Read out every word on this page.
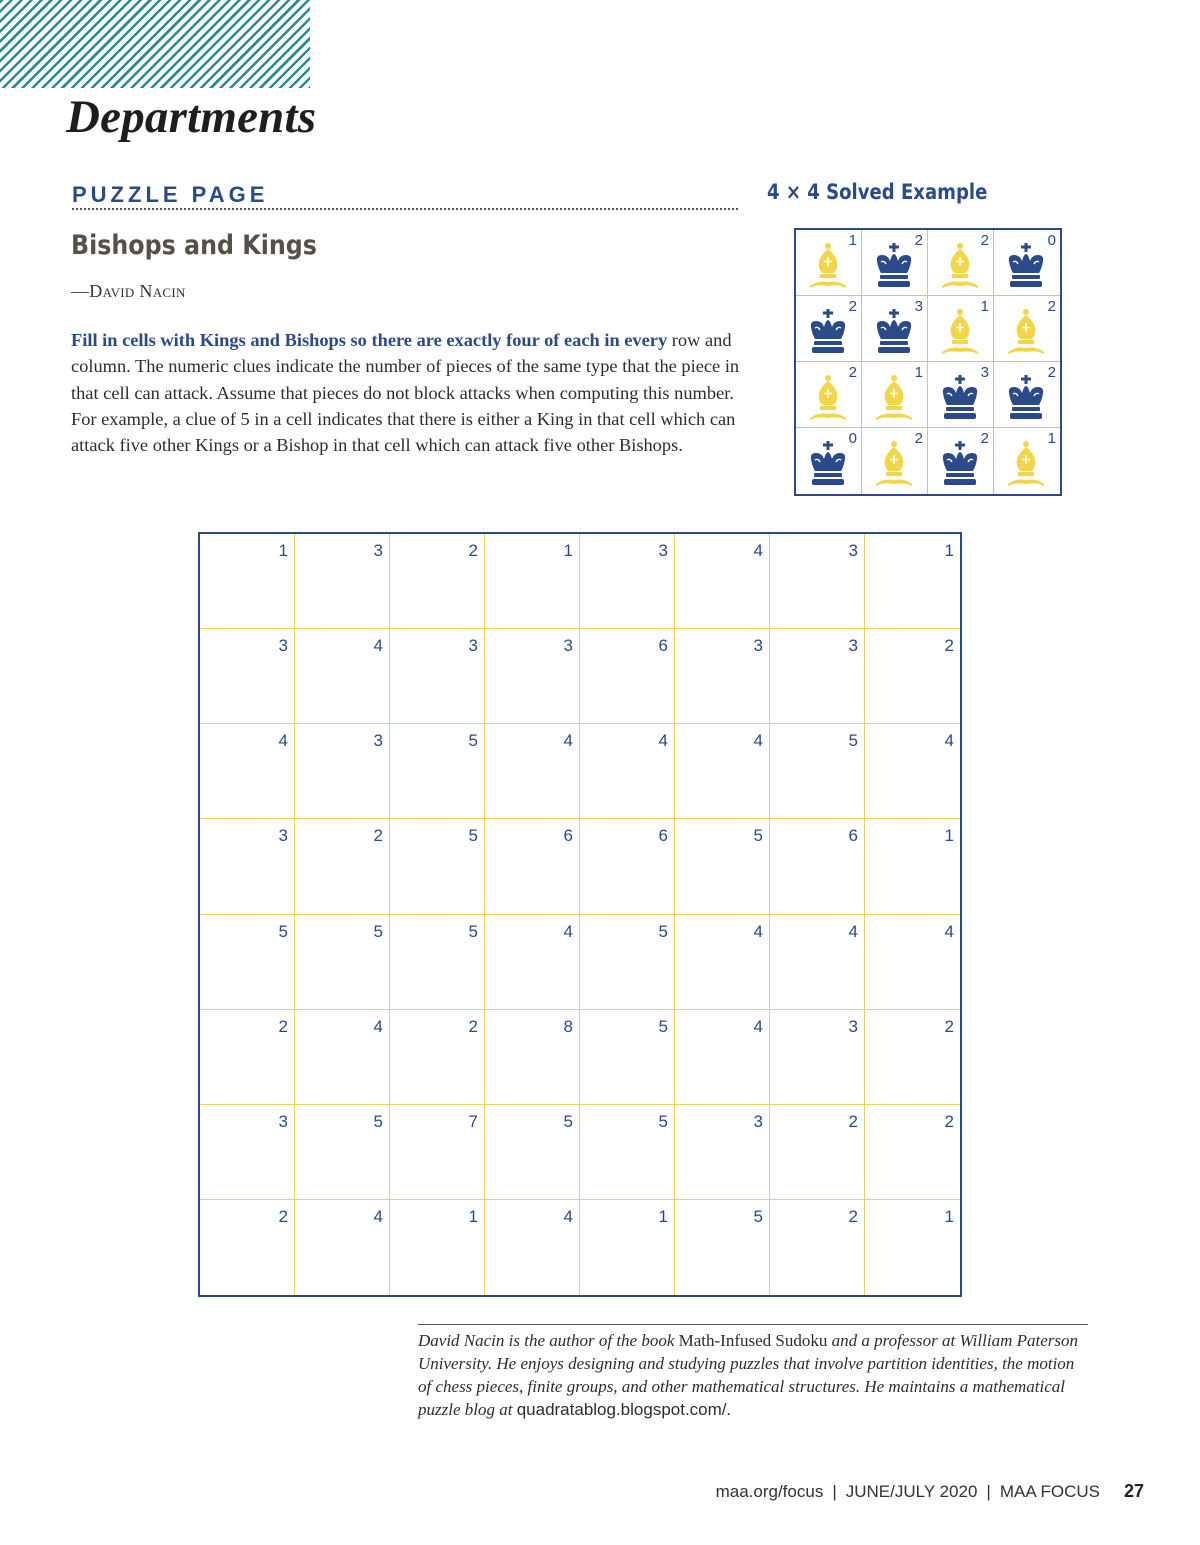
Departments
PUZZLE PAGE
Bishops and Kings
—David Nacin

Fill in cells with Kings and Bishops so there are exactly four of each in every row and column. The numeric clues indicate the number of pieces of the same type that the piece in that cell can attack. Assume that pieces do not block attacks when computing this number. For example, a clue of 5 in a cell indicates that there is either a King in that cell which can attack five other Kings or a Bishop in that cell which can attack five other Bishops.

4 × 4 Solved Example
1	2	2	0
2	3	1	2
2	1	3	2
0	2	2	1
1	3	2	1	3	4	3	1
3	4	3	3	6	3	3	2
4	3	5	4	4	4	5	4
3	2	5	6	6	5	6	1
5	5	5	4	5	4	4	4
2	4	2	8	5	4	3	2
3	5	7	5	5	3	2	2
2	4	1	4	1	5	2	1
David Nacin is the author of the book Math-Infused Sudoku and a professor at William Paterson University. He enjoys designing and studying puzzles that involve partition identities, the motion of chess pieces, finite groups, and other mathematical structures. He maintains a mathematical puzzle blog at quadratablog.blogspot.com/.
maa.org/focus | JUNE/JULY 2020 | MAA FOCUS 27
